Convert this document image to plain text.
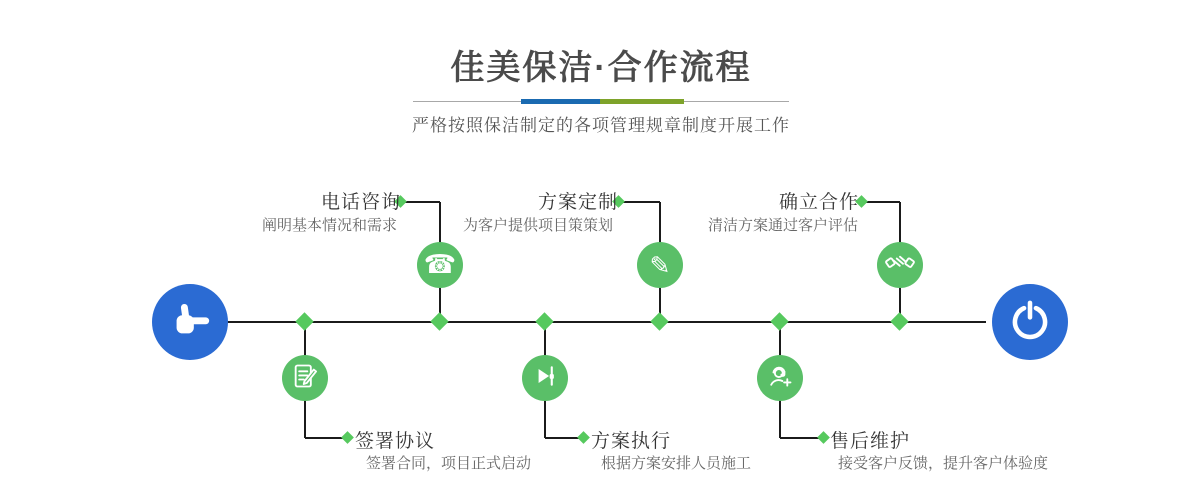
佳美保洁·合作流程
严格按照保洁制定的各项管理规章制度开展工作
☎
电话咨询
阐明基本情况和需求
✎
方案定制
为客户提供项目策策划
确立合作
清洁方案通过客户评估
签署协议
签署合同，项目正式启动
方案执行
根据方案安排人员施工
售后维护
接受客户反馈，提升客户体验度
